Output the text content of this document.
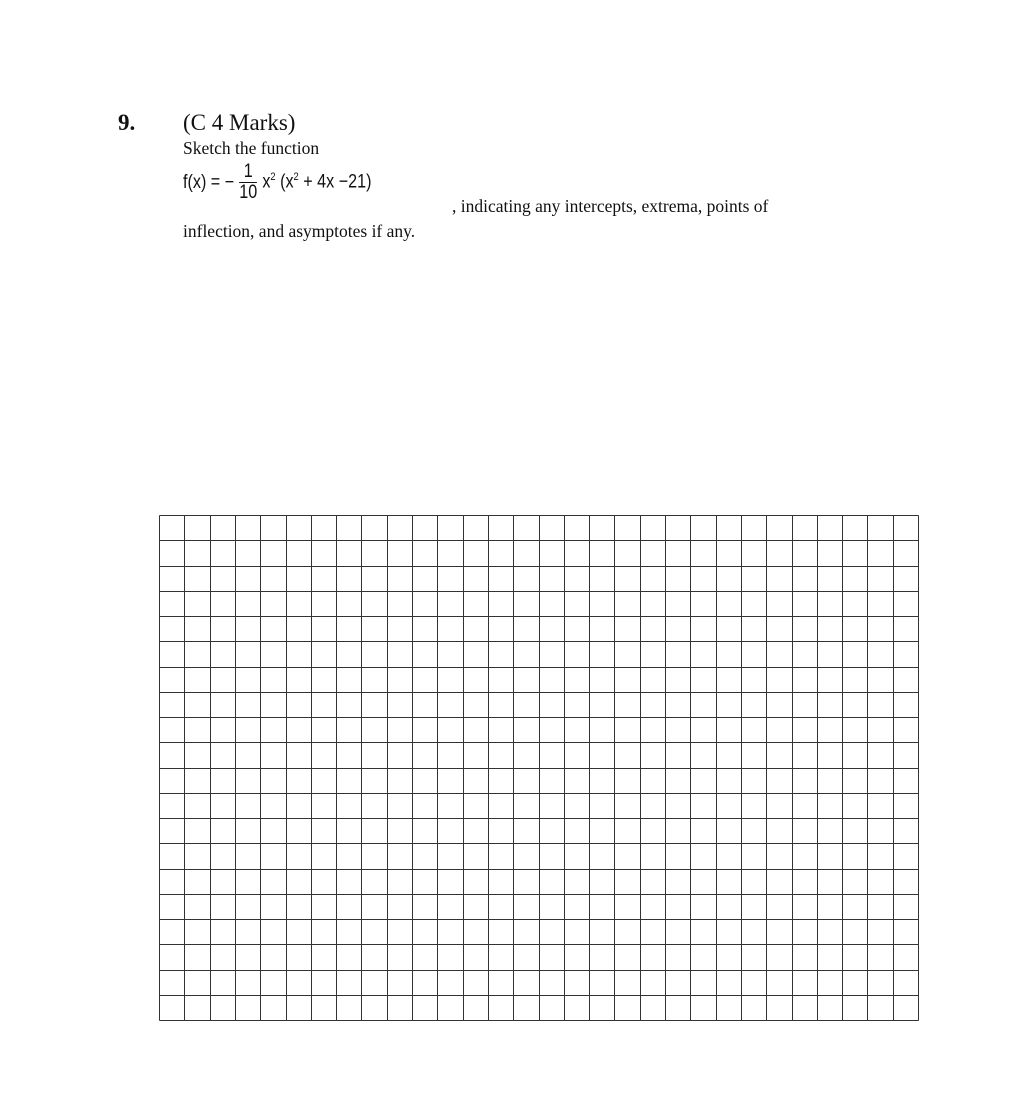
9. (C 4 Marks)
Sketch the function
f(x) = − $\frac{1}{10} x^2$ $(x^2 + 4x -21)$
, indicating any intercepts, extrema, points of
inflection, and asymptotes if any.
